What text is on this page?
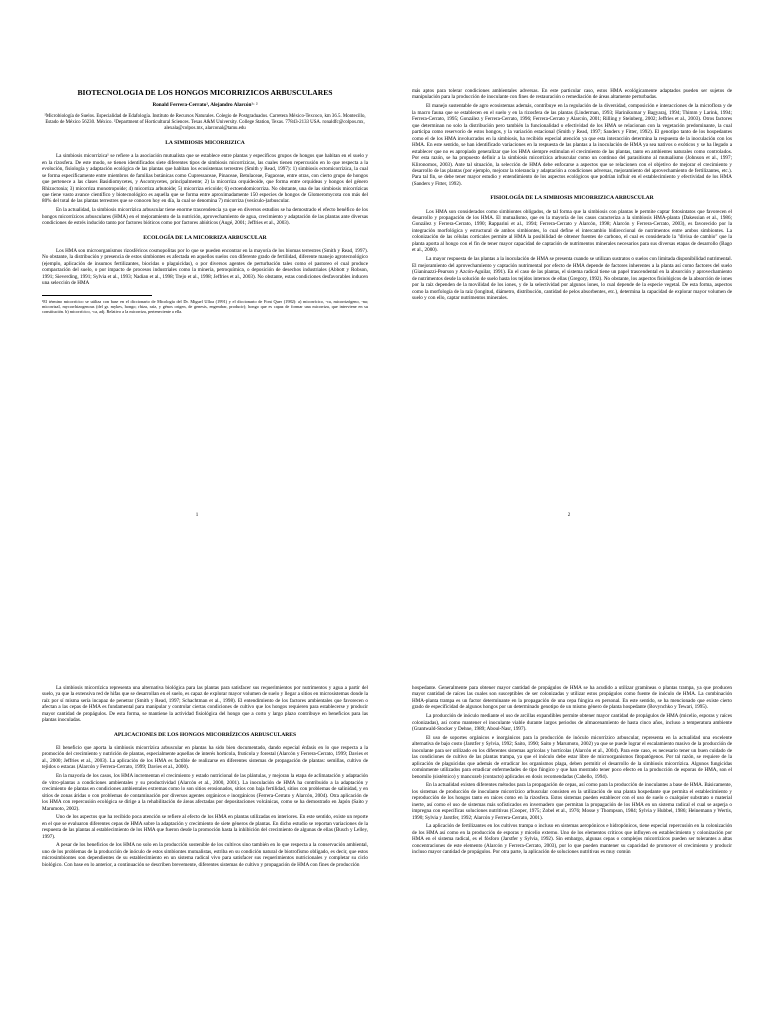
BIOTECNOLOGIA DE LOS HONGOS MICORRIZICOS ARBUSCULARES
Ronald Ferrera-Cerrato¹, Alejandro Alarcón¹· ²
¹Microbiología de Suelos. Especialidad de Edafología. Instituto de Recursos Naturales. Colegio de Postgraduados. Carretera México-Texcoco, km 36.5. Montecillo, Estado de México 56230. México. ²Department of Horticultural Sciences. Texas A&M University. College Station, Texas. 77843-2133 USA. ronaldfc@colpos.mx, alexala@colpos.mx, alarconal@tamu.edu
LA SIMBIOSIS MICORRIZICA

La simbiosis micorrízica¹ se refiere a la asociación mutualista que se establece entre plantas y específicos grupos de hongos que habitan en el suelo y en la rizosfera. De este modo, se tienen identificados siete diferentes tipos de simbiosis micorrízicas, las cuales tienen repercusión en lo que respecta a la evolución, fisiología y adaptación ecológica de las plantas que habitan los ecosistemas terrestres (Smith y Read, 1997): 1) simbiosis ectomicorrízica, la cual se forma específicamente entre miembros de familias botánicas como Cupressaceae, Pinaceae, Betulaceae, Fagaceae, entre otras, con cierto grupo de hongos que pertenece a las clases Basidiomycetes, y Ascomycetes, principalmente; 2) la micorriza orquideoide, que forma entre orquídeas y hongos del género Rhizoctonia; 3) micorriza monotropoide; 4) micorriza arbutoide; 5) micorriza ericoide; 6) ectoendomicorriza. No obstante, una de las simbiosis micorrízicas que tiene vasto avance científico y biotecnológico es aquella que se forma entre aproximadamente 150 especies de hongos de Glomeromycota con más del 80% del total de las plantas terrestres que se conocen hoy en día, la cual se denomina 7) micorriza (vesículo-)arbuscular.

En la actualidad, la simbiosis micorrízica arbuscular tiene enorme trascendencia ya que en diversos estudios se ha demostrado el efecto benéfico de los hongos micorrízicos arbusculares (HMA) en el mejoramiento de la nutrición, aprovechamiento de agua, crecimiento y adaptación de las plantas ante diversas condiciones de estrés inducido tanto por factores bióticos como por factores abióticos (Augé, 2001; Jeffries et al., 2003).

ECOLOGÍA DE LA MICORRIZA ARBUSCULAR

Los HMA son microorganismos rizosféricos cosmopolitas por lo que se pueden encontrar en la mayoría de los biomas terrestres (Smith y Read, 1997). No obstante, la distribución y presencia de estos simbiontes es afectada en aquellos suelos con diferente grado de fertilidad, diferente manejo agrotecnológico (ejemplo, aplicación de insumos fertilizantes, biocidas o plaguicidas), o por diversos agentes de perturbación tales como el pastoreo el cual produce compactación del suelo, o por impacto de procesos industriales como la minería, petroquímica, o deposición de desechos industriales (Abbott y Robson, 1991; Sieverding, 1991; Sylvia et al., 1993; Nadian et al., 1998; Trejo et al., 1998; Jeffries et al., 2003). No obstante, estas condiciones desfavorables inducen una selección de HMA

¹El término micorrícico se utiliza con base en el diccionario de Micología del Dr. Miguel Ulloa (1991) y el diccionario de Font Quer (1982): a) micorrícico, -ca, micorrizógeno, -na; micorrizal, mycorrhizogenous (del gr. mykes, hongo; rhiza, raíz, y génos origen, de genesis, engendrar, producir); hongo que es capaz de formar una micorriza, que interviene en su constitución. b) micorrícico, -ca, adj. Relativo a la micorriza, perteneciente a ella.

1

más aptos para tolerar condiciones ambientales adversas. En este particular caso, estos HMA ecológicamente adaptados pueden ser sujetos de manipulación para la producción de inoculante con fines de restauración o remediación de áreas altamente perturbadas.

El manejo sustentable de agro ecosistemas además, contribuye en la regulación de la diversidad, composición e interacciones de la microflora y de la macro fauna que se establecen en el suelo y en la rizosfera de las plantas (Linderman, 1993; Harinikumar y Bagyaraj, 1994; Thimm y Larink, 1994; Ferrera-Cerrato, 1995; González y Ferrera-Cerrato, 1996; Ferrera-Cerrato y Alarcón, 2001; Rilling y Steinberg, 2002; Jeffries et al., 2003). Otros factores que determinan no solo la distribución pero también la funcionalidad o efectividad de los HMA se relacionan con la vegetación predominante, la cual participa como reservorio de estos hongos, y la variación estacional (Smith y Read, 1997; Sanders y Fitter, 1992). El genotipo tanto de los hospedantes como el de los HMA involucrados en la simbiosis, ha recibido especial atención ya que esta interacción determina la respuesta de la inoculación con los HMA. En este sentido, se han identificado variaciones en la respuesta de las plantas a la inoculación de HMA ya sea nativos o exóticos y se ha llegado a establecer que no es apropiado generalizar que los HMA siempre estimulan el crecimiento de las plantas, tanto en ambientes naturales como controlados. Por esta razón, se ha propuesto definir a la simbiosis micorrízica arbuscular como un continuo del parasitismo al mutualismo (Johnson et al., 1997; Klironomos, 2003). Ante tal situación, la selección de HMA debe enfocarse a aspectos que se relacionen con el objetivo de mejorar el crecimiento y desarrollo de las plantas (por ejemplo, mejorar la tolerancia y adaptación a condiciones adversas, mejoramiento del aprovechamiento de fertilizantes, etc.). Para tal fin, se debe tener mayor estudio y entendimiento de los aspectos ecológicos que podrían influir en el establecimiento y efectividad de los HMA (Sanders y Fitter, 1992).

FISIOLOGÍA DE LA SIMBIOSIS MICORRIZICA ARBUSCULAR

Los HMA son considerados como simbiontes obligados, de tal forma que la simbiosis con plantas le permite captar fotosintatos que favorecen el desarrollo y propagación de los HMA. El mutualismo, que en la mayoría de los casos caracteriza a la simbiosis HMA-planta (Dakessian et al., 1986; González y Ferrera-Cerrato, 1990; Rapparini et al., 1994; Ferrera-Cerrato y Alarcón, 1998; Alarcón y Ferrera-Cerrato, 2003), es favorecido por la integración morfológica y estructural de ambos simbiontes, lo cual define el intercambio bidireccional de nutrimentos entre ambos simbiontes. La colonización de las células corticales permite al HMA la posibilidad de obtener fuentes de carbono, el cual es considerado la "divisa de cambio" que la planta aporta al hongo con el fin de tener mayor capacidad de captación de nutrimentos minerales necesarios para sus diversas etapas de desarrollo (Bago et al., 2000).

La mayor respuesta de las plantas a la inoculación de HMA se presenta cuando se utilizan sustratos o suelos con limitada disponibilidad nutrimental. El mejoramiento del aprovechamiento y captación nutrimental por efecto de HMA depende de factores inherentes a la planta así como factores del suelo (Gianinazzi-Pearson y Azcón-Aguilar, 1991). En el caso de las plantas, el sistema radical tiene un papel trascendental en la absorción y aprovechamiento de nutrimentos desde la solución de suelo hasta los tejidos internos de ellas (Gregory, 1992). No obstante, los aspectos fisiológicos de la absorción de iones por la raíz dependen de la movilidad de los iones, y de la selectividad por algunos iones, lo cual depende de la especie vegetal. De esta forma, aspectos como la morfología de la raíz (longitud, diámetro, distribución, cantidad de pelos absorbentes, etc.), determina la capacidad de explorar mayor volumen de suelo y con ello, captar nutrimentos minerales.

2

La simbiosis micorrízica representa una alternativa biológica para las plantas para satisfacer sus requerimientos por nutrimentos y agua a partir del suelo, ya que la extensiva red de hifas que se desarrollan en el suelo, es capaz de explorar mayor volumen de suelo y llegar a sitios en microsistemas donde la raíz por sí misma sería incapaz de penetrar (Smith y Read, 1997; Schachtman et al., 1998). El entendimiento de los factores ambientales que favorecen o afectan a las cepas de HMA es fundamental para manipular y controlar ciertas condiciones de cultivo que los hongos requieren para establecerse y producir mayor cantidad de propágulos. De esta forma, se mantiene la actividad fisiológica del hongo que a corto y largo plazo contribuye en beneficios para las plantas inoculadas.

APLICACIONES DE LOS HONGOS MICORRÍZICOS ARBUSCULARES

El beneficio que aporta la simbiosis micorrízica arbuscular en plantas ha sido bien documentado, dando especial énfasis en lo que respecta a la promoción del crecimiento y nutrición de plantas, especialmente aquellas de interés hortícola, frutícola y forestal (Alarcón y Ferrera-Cerrato, 1999; Davies et al., 2000; Jeffries et al., 2003). La aplicación de los HMA es factible de realizarse en diferentes sistemas de propagación de plantas: semillas, cultivo de tejidos o estacas (Alarcón y Ferrera-Cerrato, 1999; Davies et al., 2000).

En la mayoría de los casos, los HMA incrementan el crecimiento y estado nutricional de las plántulas, y mejoran la etapa de aclimatación y adaptación de vitro-plantas a condiciones ambientales y su productividad (Alarcón et al., 2000, 2001). La inoculación de HMA ha contribuido a la adaptación y crecimiento de plantas en condiciones ambientales extremas como lo son sitios erosionados, sitios con baja fertilidad, sitios con problemas de salinidad, y en sitios de zonas áridas o con problemas de contaminación por diversos agentes orgánicos e inorgánicos (Ferrera-Cerrato y Alarcón, 2004). Otra aplicación de los HMA con repercusión ecológica se dirige a la rehabilitación de áreas afectadas por depositaciones volcánicas, como se ha demostrado en Japón (Saito y Marumoto, 2002).

Uno de los aspectos que ha recibido poca atención se refiere al efecto de los HMA en plantas utilizadas en interiores. En este sentido, existe un reporte en el que se evaluaron diferentes cepas de HMA sobre la adaptación y crecimiento de siete géneros de plantas. En dicho estudio se reportan variaciones de la respuesta de las plantas al establecimiento de los HMA que fueron desde la promoción hasta la inhibición del crecimiento de algunas de ellas (Busch y Lelley, 1997).

A pesar de los beneficios de los HMA no solo en la producción sostenible de los cultivos sino también en lo que respecta a la conservación ambiental, uno de los problemas de la producción de inóculo de estos simbiontes mutualistas, estriba en su condición natural de biotrofismo obligado, es decir, que estos microsimbiontes son dependientes de su establecimiento en un sistema radical vivo para satisfacer sus requerimientos nutricionales y completar su ciclo biológico. Con base en lo anterior, a continuación se describen brevemente, diferentes sistemas de cultivo y propagación de HMA con fines de producción

hospedante. Generalmente para obtener mayor cantidad de propágulos de HMA se ha acudido a utilizar gramíneas o plantas trampa, ya que producen mayor cantidad de raíces las cuales son susceptibles de ser colonizadas y utilizar estos propágulos como fuente de inóculo de HMA. La combinación HMA-planta trampa es un factor determinante en la propagación de una cepa fúngica en personal. En este sentido, se ha mencionado que existe cierto grado de especificidad de algunos hongos por un determinado genotipo de un mismo género de planta hospedante (Bovynchko y Tewari, 1995).

La producción de inóculo mediante el uso de arcillas expandibles permite obtener mayor cantidad de propágulos de HMA (micelio, esporas y raíces colonizadas), así como mantener el inoculante viable durante largos periodos de almacenamiento de hasta cinco años, incluso a temperatura ambiente (Grantwald-Stocker y Dehne, 1989; Aboul-Nasr, 1997).

El uso de soportes orgánicos e inorgánicos para la producción de inóculo micorrízico arbuscular, representa en la actualidad una excelente alternativa de bajo costo (Jarstfer y Sylvia, 1992; Saito, 1990; Saito y Marumoto, 2002) ya que se puede lograr el escalamiento masivo de la producción de inoculante para ser utilizado en los diferentes sistemas agrícolas y hortícolas (Alarcón et al., 2004). Para este caso, es necesario tener un buen cuidado de las condiciones de cultivo de las plantas trampa, ya que el inóculo debe estar libre de microorganismos fitopatógenos. Por tal razón, se requiere de la aplicación de plaguicidas que además de erradicar los organismos plaga, deben permitir el desarrollo de la simbiosis micorrízica. Algunos fungicidas comúnmente utilizados para erradicar enfermedades de tipo fúngico y que han mostrado tener poco efecto en la producción de esporas de HMA, son el benomilo (sistémico) y mancozeb (contacto) aplicados en dosis recomendadas (Cabello, 1994).

En la actualidad existen diferentes métodos para la propagación de cepas, así como para la producción de inoculantes a base de HMA. Básicamente, los sistemas de producción de inoculante micorrízico arbuscular consisten en la utilización de una planta hospedante que permita el establecimiento y reproducción de los hongos tanto en raíces como en la rizosfera. Estos sistemas pueden establecer con el uso de suelo o cualquier substrato o material inerte, así como el uso de sistemas más sofisticados en invernadero que permitan la propagación de los HMA en un sistema radical el cual se asperja o impregna con específicas soluciones nutritivas (Cooper, 1975; Zobel et al., 1976; Mosse y Thompson, 1984; Sylvia y Hubbel, 1986; Heinemann y Wertis, 1990; Sylvia y Jarstfer, 1992; Alarcón y Ferrera-Cerrato, 2001).

La aplicación de fertilizantes en los cultivos trampa o incluso en sistemas aeropónicos e hidropónicos, tiene especial repercusión en la colonización de los HMA así como en la producción de esporas y micelio externo. Uno de los elementos críticos que influyen en establecimiento y colonización por HMA en el sistema radical, es el fósforo (Jarstfer y Sylvia, 1992). Sin embargo, algunas cepas o complejos micorrízicos pueden ser tolerantes a altas concentraciones de este elemento (Alarcón y Ferrera-Cerrato, 2003), por lo que pueden mantener su capacidad de promover el crecimiento y producir incluso mayor cantidad de propágulos. Por otra parte, la aplicación de soluciones nutritivas es muy común
